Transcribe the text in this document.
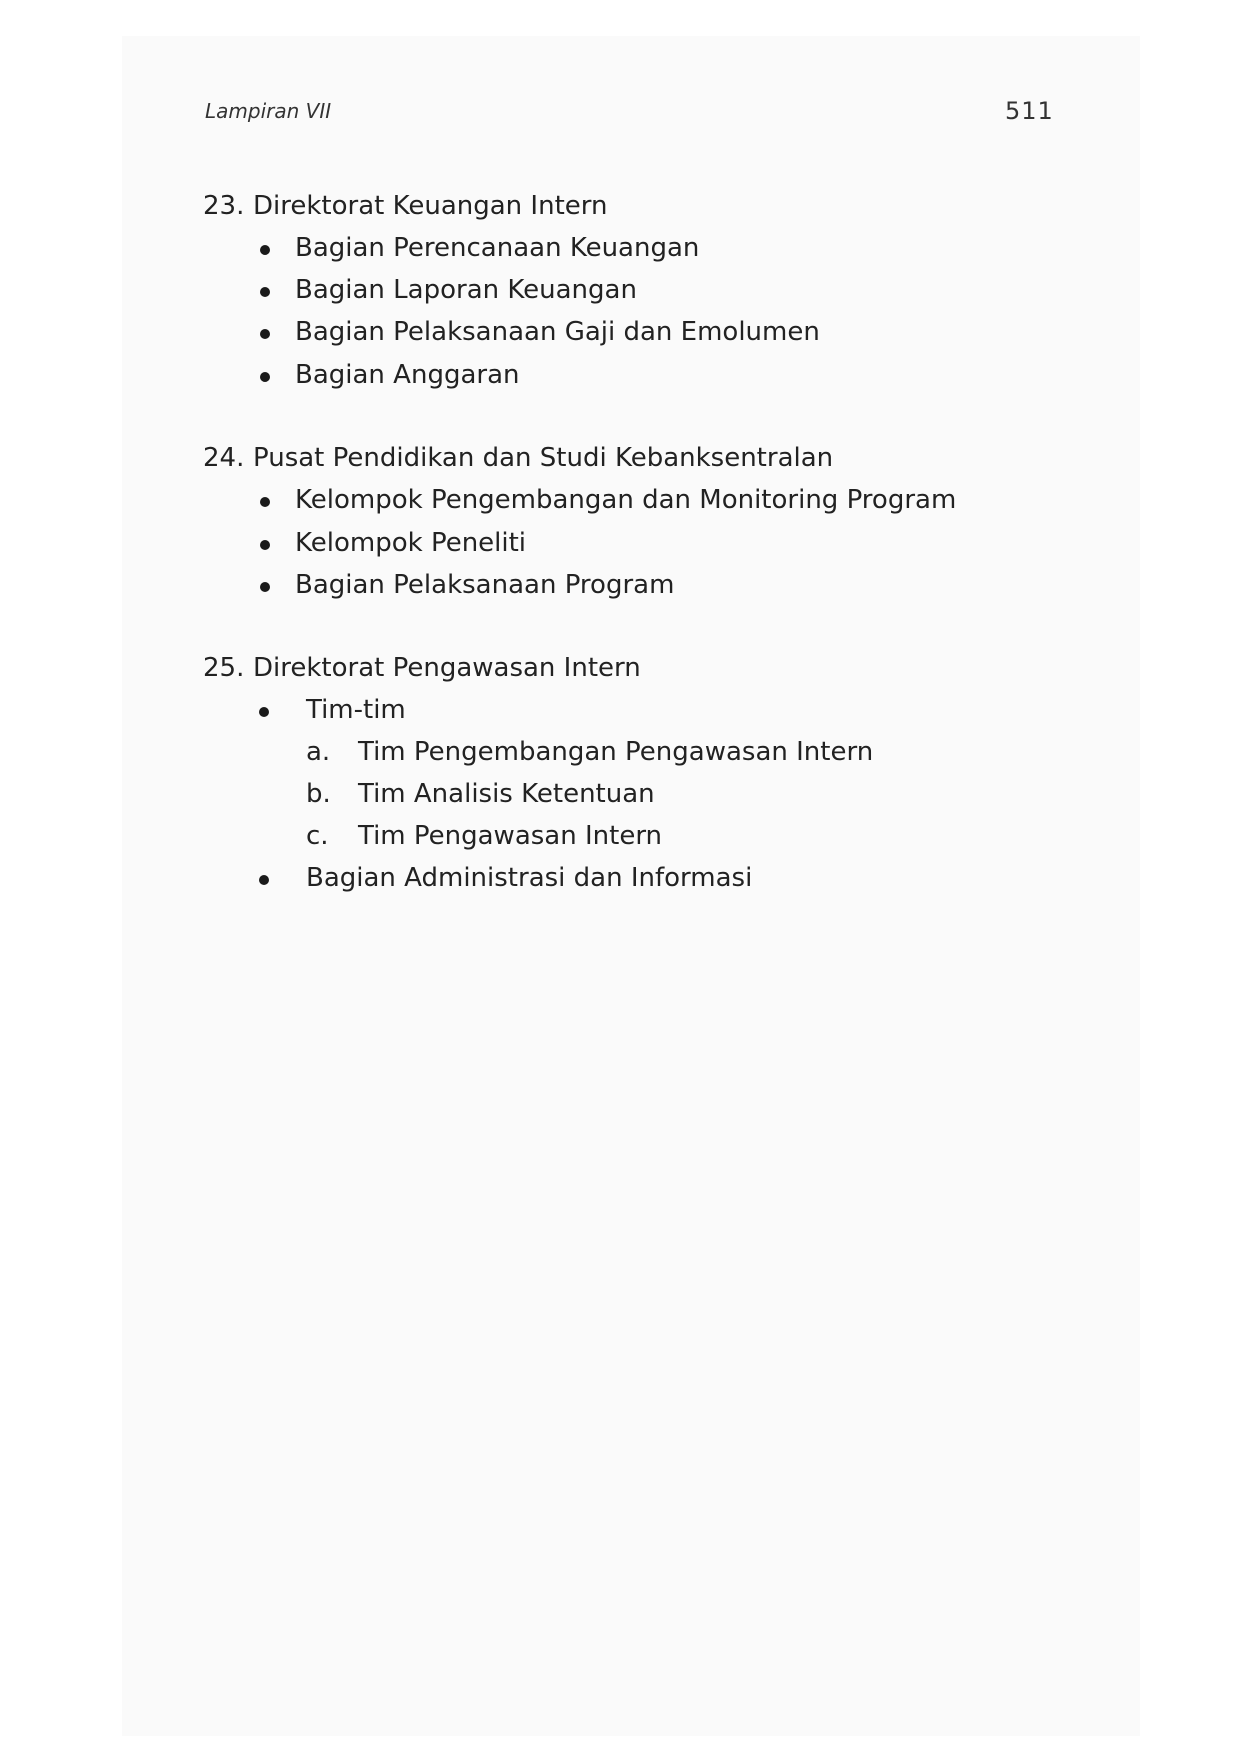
Lampiran VII	511
23. Direktorat Keuangan Intern
Bagian Perencanaan Keuangan
Bagian Laporan Keuangan
Bagian Pelaksanaan Gaji dan Emolumen
Bagian Anggaran
24. Pusat Pendidikan dan Studi Kebanksentralan
Kelompok Pengembangan dan Monitoring Program
Kelompok Peneliti
Bagian Pelaksanaan Program
25. Direktorat Pengawasan Intern
Tim-tim
a. Tim Pengembangan Pengawasan Intern
b. Tim Analisis Ketentuan
c. Tim Pengawasan Intern
Bagian Administrasi dan Informasi
